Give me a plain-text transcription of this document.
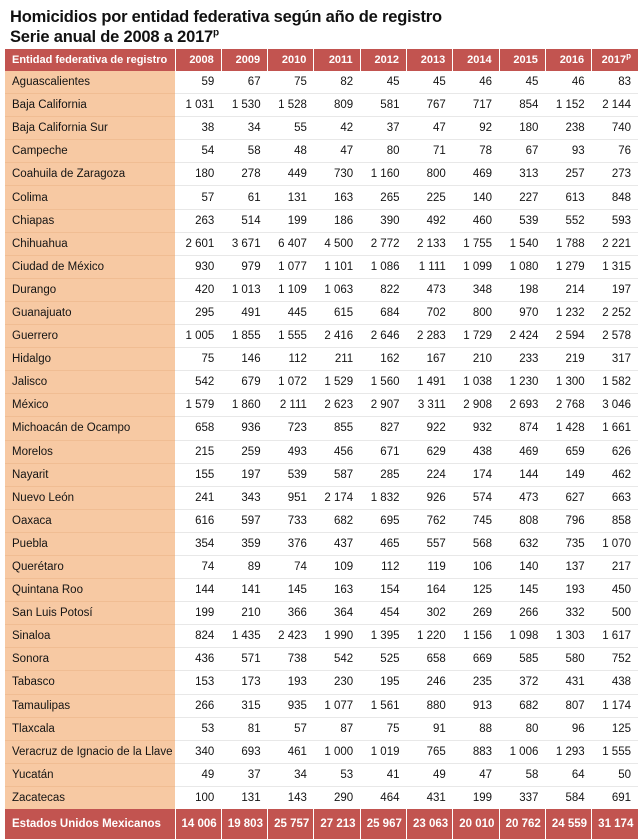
Homicidios por entidad federativa según año de registro
Serie anual de 2008 a 2017$^p$
Entidad federativa de registro	2008	2009	2010	2011	2012	2013	2014	2015	2016	2017$^p$
Aguascalientes	59	67	75	82	45	45	46	45	46	83
Baja California	1 031	1 530	1 528	809	581	767	717	854	1 152	2 144
Baja California Sur	38	34	55	42	37	47	92	180	238	740
Campeche	54	58	48	47	80	71	78	67	93	76
Coahuila de Zaragoza	180	278	449	730	1 160	800	469	313	257	273
Colima	57	61	131	163	265	225	140	227	613	848
Chiapas	263	514	199	186	390	492	460	539	552	593
Chihuahua	2 601	3 671	6 407	4 500	2 772	2 133	1 755	1 540	1 788	2 221
Ciudad de México	930	979	1 077	1 101	1 086	1 111	1 099	1 080	1 279	1 315
Durango	420	1 013	1 109	1 063	822	473	348	198	214	197
Guanajuato	295	491	445	615	684	702	800	970	1 232	2 252
Guerrero	1 005	1 855	1 555	2 416	2 646	2 283	1 729	2 424	2 594	2 578
Hidalgo	75	146	112	211	162	167	210	233	219	317
Jalisco	542	679	1 072	1 529	1 560	1 491	1 038	1 230	1 300	1 582
México	1 579	1 860	2 111	2 623	2 907	3 311	2 908	2 693	2 768	3 046
Michoacán de Ocampo	658	936	723	855	827	922	932	874	1 428	1 661
Morelos	215	259	493	456	671	629	438	469	659	626
Nayarit	155	197	539	587	285	224	174	144	149	462
Nuevo León	241	343	951	2 174	1 832	926	574	473	627	663
Oaxaca	616	597	733	682	695	762	745	808	796	858
Puebla	354	359	376	437	465	557	568	632	735	1 070
Querétaro	74	89	74	109	112	119	106	140	137	217
Quintana Roo	144	141	145	163	154	164	125	145	193	450
San Luis Potosí	199	210	366	364	454	302	269	266	332	500
Sinaloa	824	1 435	2 423	1 990	1 395	1 220	1 156	1 098	1 303	1 617
Sonora	436	571	738	542	525	658	669	585	580	752
Tabasco	153	173	193	230	195	246	235	372	431	438
Tamaulipas	266	315	935	1 077	1 561	880	913	682	807	1 174
Tlaxcala	53	81	57	87	75	91	88	80	96	125
Veracruz de Ignacio de la Llave	340	693	461	1 000	1 019	765	883	1 006	1 293	1 555
Yucatán	49	37	34	53	41	49	47	58	64	50
Zacatecas	100	131	143	290	464	431	199	337	584	691
Estados Unidos Mexicanos	14 006	19 803	25 757	27 213	25 967	23 063	20 010	20 762	24 559	31 174
